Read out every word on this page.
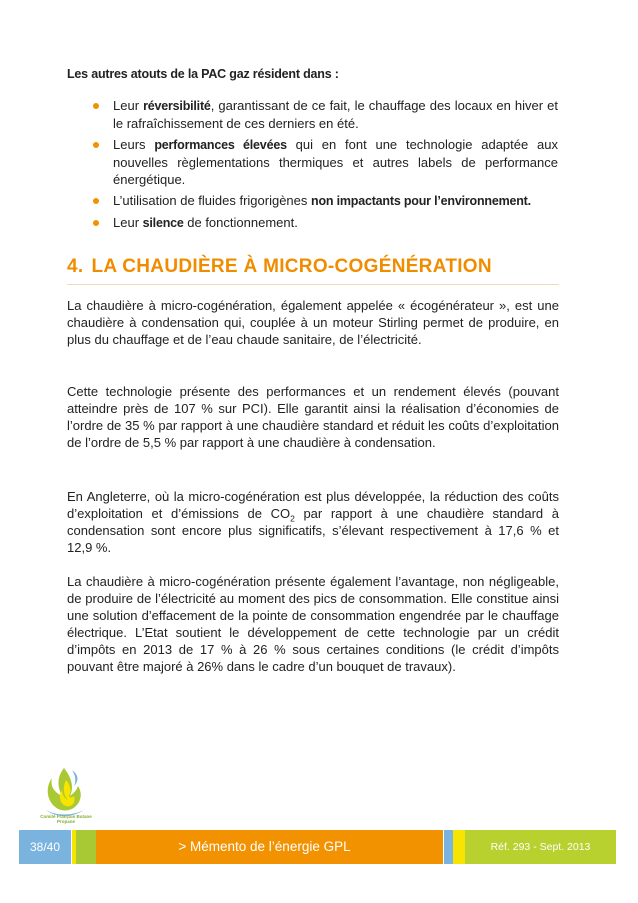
Les autres atouts de la PAC gaz résident dans :
Leur réversibilité, garantissant de ce fait, le chauffage des locaux en hiver et le rafraîchissement de ces derniers en été.
Leurs performances élevées qui en font une technologie adaptée aux nouvelles règlementations thermiques et autres labels de performance énergétique.
L’utilisation de fluides frigorigènes non impactants pour l’environnement.
Leur silence de fonctionnement.
4. LA CHAUDIÈRE À MICRO-COGÉNÉRATION

La chaudière à micro-cogénération, également appelée « écogénérateur », est une chaudière à condensation qui, couplée à un moteur Stirling permet de produire, en plus du chauffage et de l’eau chaude sanitaire, de l’électricité.

Cette technologie présente des performances et un rendement élevés (pouvant atteindre près de 107 % sur PCI). Elle garantit ainsi la réalisation d’économies de l’ordre de 35 % par rapport à une chaudière standard et réduit les coûts d’exploitation de l’ordre de 5,5 % par rapport à une chaudière à condensation.

En Angleterre, où la micro-cogénération est plus développée, la réduction des coûts d’exploitation et d’émissions de $CO_2$ par rapport à une chaudière standard à condensation sont encore plus significatifs, s’élevant respectivement à 17,6 % et 12,9 %.

La chaudière à micro-cogénération présente également l’avantage, non négligeable, de produire de l’électricité au moment des pics de consommation. Elle constitue ainsi une solution d’effacement de la pointe de consommation engendrée par le chauffage électrique. L’Etat soutient le développement de cette technologie par un crédit d’impôts en 2013 de 17 % à 26 % sous certaines conditions (le crédit d’impôts pouvant être majoré à 26% dans le cadre d’un bouquet de travaux).

Comité Français Butane Propane
38/40	> Mémento de l’énergie GPL	Réf. 293 - Sept. 2013
